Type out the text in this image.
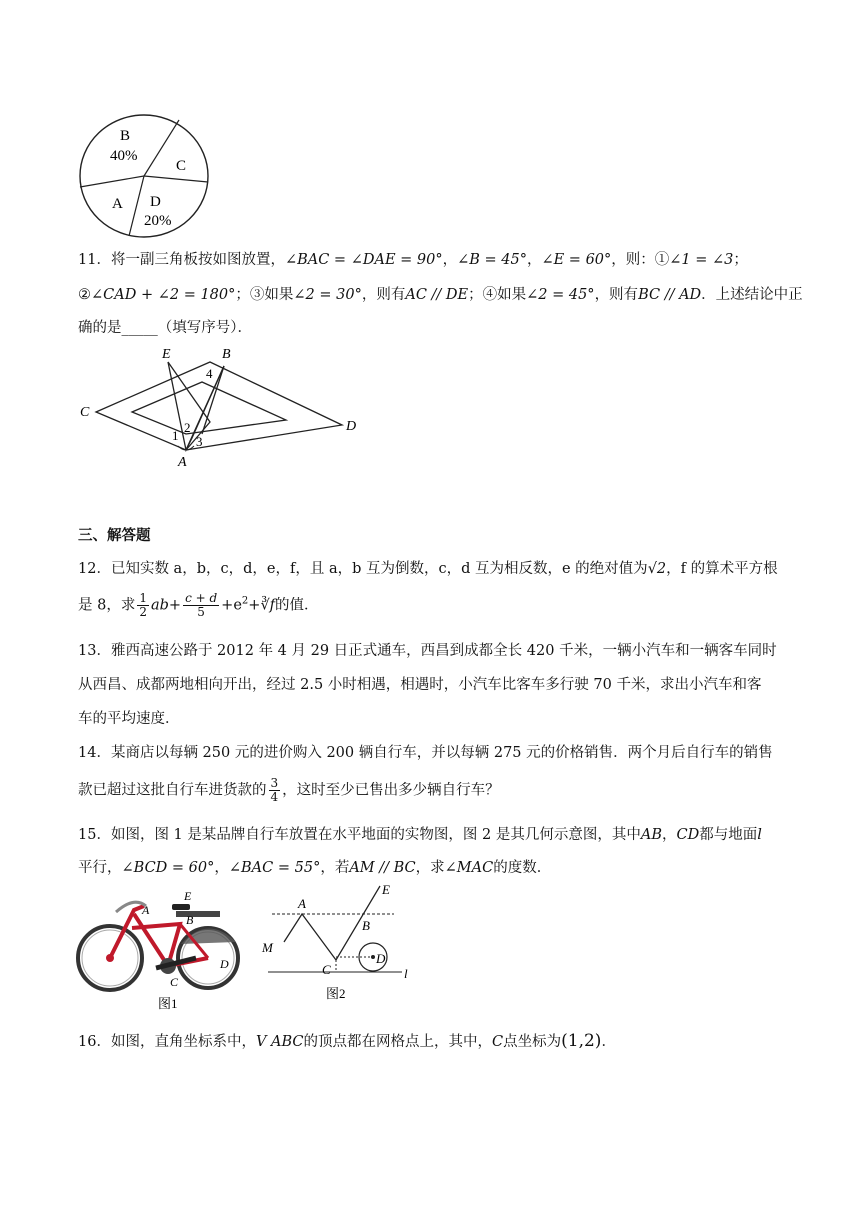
B
40%
C
A D
20%
11．将一副三角板按如图放置，∠BAC = ∠DAE = 90°，∠B = 45°，∠E = 60°，则：①∠1 = ∠3；
②∠CAD + ∠2 = 180°；③如果∠2 = 30°，则有AC // DE；④如果∠2 = 45°，则有BC // AD．上述结论中正
确的是_____（填写序号）．
E	B
C
D
A
1
2
3
4
三、解答题
12．已知实数 a，b，c，d，e，f，且 a，b 互为倒数，c，d 互为相反数，e 的绝对值为√2，f 的算术平方根
是 8，求 $\frac{1}{2} ab+ \frac{c + d}{5}$ $+e^2+∛f$的值．
13．雅西高速公路于 2012 年 4 月 29 日正式通车，西昌到成都全长 420 千米，一辆小汽车和一辆客车同时
从西昌、成都两地相向开出，经过 2.5 小时相遇，相遇时，小汽车比客车多行驶 70 千米，求出小汽车和客
车的平均速度．
14．某商店以每辆 250 元的进价购入 200 辆自行车，并以每辆 275 元的价格销售．两个月后自行车的销售
款已超过这批自行车进货款的 $\frac{3}{4}$ ，这时至少已售出多少辆自行车？
15．如图，图 1 是某品牌自行车放置在水平地面的实物图，图 2 是其几何示意图，其中AB，CD都与地面l
平行，∠BCD = 60°，∠BAC = 55°，若AM // BC，求∠MAC的度数．
E
A
B
D
C
图1
E
A
B
M
C
D
l
图2
16．如图，直角坐标系中，V ABC的顶点都在网格点上，其中，C点坐标为(1,2)．
